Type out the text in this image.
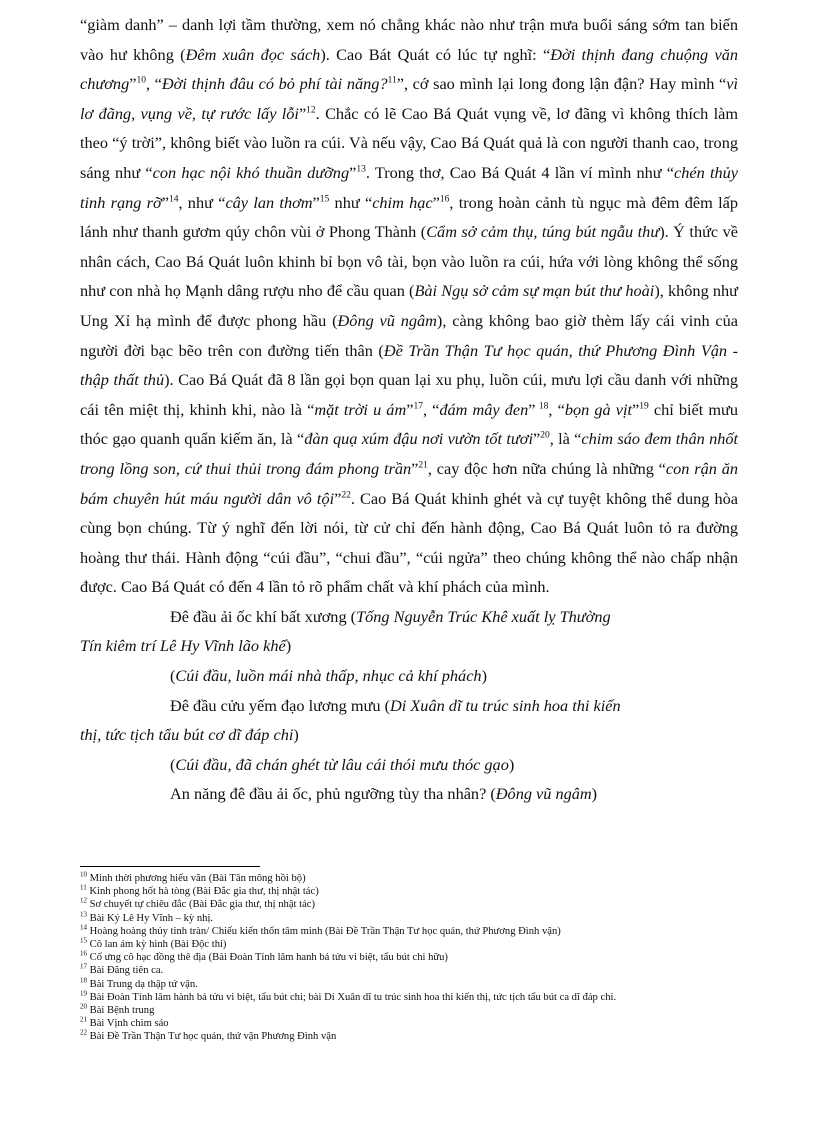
“giàm danh” – danh lợi tầm thường, xem nó chẳng khác nào như trận mưa buổi sáng sớm tan biến vào hư không (Đêm xuân đọc sách). Cao Bát Quát có lúc tự nghĩ: “Đời thịnh đang chuộng văn chương”$^{10}$, “Đời thịnh đâu có bỏ phí tài năng?$^{11}$”, cớ sao mình lại long đong lận đận? Hay mình “vì lơ đãng, vụng về, tự rước lấy lỗi”$^{12}$. Chắc có lẽ Cao Bá Quát vụng về, lơ đãng vì không thích làm theo “ý trời”, không biết vào luồn ra cúi. Và nếu vậy, Cao Bá Quát quả là con người thanh cao, trong sáng như “con hạc nội khó thuần dưỡng”$^{13}$. Trong thơ, Cao Bá Quát 4 lần ví mình như “chén thủy tinh rạng rỡ”$^{14}$, như “cây lan thơm”$^{15}$ như “chim hạc”$^{16}$, trong hoàn cảnh tù ngục mà đêm đêm lấp lánh như thanh gươm qúy chôn vùi ở Phong Thành (Cẩm sở cảm thụ, túng bút ngẫu thư). Ý thức về nhân cách, Cao Bá Quát luôn khinh bỉ bọn vô tài, bọn vào luồn ra cúi, hứa với lòng không thể sống như con nhà họ Mạnh dâng rượu nho để cầu quan (Bài Ngụ sở cảm sự mạn bút thư hoài), không như Ung Xỉ hạ mình để được phong hầu (Đông vũ ngâm), càng không bao giờ thèm lấy cái vinh của người đời bạc bẽo trên con đường tiến thân (Đề Trần Thận Tư học quán, thứ Phương Đình Vận - thập thất thủ). Cao Bá Quát đã 8 lần gọi bọn quan lại xu phụ, luồn cúi, mưu lợi cầu danh với những cái tên miệt thị, khinh khi, nào là “mặt trời u ám”$^{17}$, “đám mây đen” $^{18}$, “bọn gà vịt”$^{19}$ chỉ biết mưu thóc gạo quanh quẩn kiếm ăn, là “đàn quạ xúm đậu nơi vườn tốt tươi”$^{20}$, là “chim sáo đem thân nhốt trong lồng son, cứ thui thủi trong đám phong trần”$^{21}$, cay độc hơn nữa chúng là những “con rận ăn bám chuyên hút máu người dân vô tội”$^{22}$. Cao Bá Quát khinh ghét và cự tuyệt không thể dung hòa cùng bọn chúng. Từ ý nghĩ đến lời nói, từ cử chỉ đến hành động, Cao Bá Quát luôn tỏ ra đường hoàng thư thái. Hành động “cúi đầu”, “chui đầu”, “cúi ngửa” theo chúng không thể nào chấp nhận được. Cao Bá Quát có đến 4 lần tỏ rõ phẩm chất và khí phách của mình.

Đê đầu ải ốc khí bất xương (Tống Nguyễn Trúc Khê xuất lỵ Thường
Tín kiêm trí Lê Hy Vĩnh lão khế)
(Cúi đầu, luồn mái nhà thấp, nhục cả khí phách)
Đê đầu cửu yếm đạo lương mưu (Di Xuân dĩ tu trúc sinh hoa thi kiến
thị, tức tịch tẩu bút cơ dĩ đáp chi)
(Cúi đầu, đã chán ghét từ lâu cái thói mưu thóc gạo)
An năng đê đầu ải ốc, phủ ngưỡng tùy tha nhân? (Đông vũ ngâm)
$^{10}$ Minh thời phương hiếu văn (Bài Tân mông hồi bộ)
$^{11}$ Kinh phong hốt hà tòng (Bài Đắc gia thư, thị nhật tác)
$^{12}$ Sơ chuyết tự chiêu đắc (Bài Đắc gia thư, thị nhật tác)
$^{13}$ Bài Ký Lê Hy Vĩnh – kỳ nhị.
$^{14}$ Hoàng hoàng thủy tinh tràn/ Chiếu kiến thốn tâm minh (Bài Đề Trần Thận Tư học quán, thứ Phương Đình vận)
$^{15}$ Cô lan ám kỳ hinh (Bài Độc thi)
$^{16}$ Cố ưng cô hạc đồng thê địa (Bài Đoàn Tính lâm hanh bả tửu vi biệt, tẩu bút chi hữu)
$^{17}$ Bài Đăng tiên ca.
$^{18}$ Bài Trung dạ thập tứ vận.
$^{19}$ Bài Đoàn Tính lâm hành bả tửu vi biệt, tẩu bút chi; bài Di Xuân dĩ tu trúc sinh hoa thi kiến thị, tức tịch tẩu bút ca dĩ đáp chi.
$^{20}$ Bài Bệnh trung
$^{21}$ Bài Vịnh chim sáo
$^{22}$ Bài Đề Trần Thận Tư học quán, thứ vận Phương Đình vận
